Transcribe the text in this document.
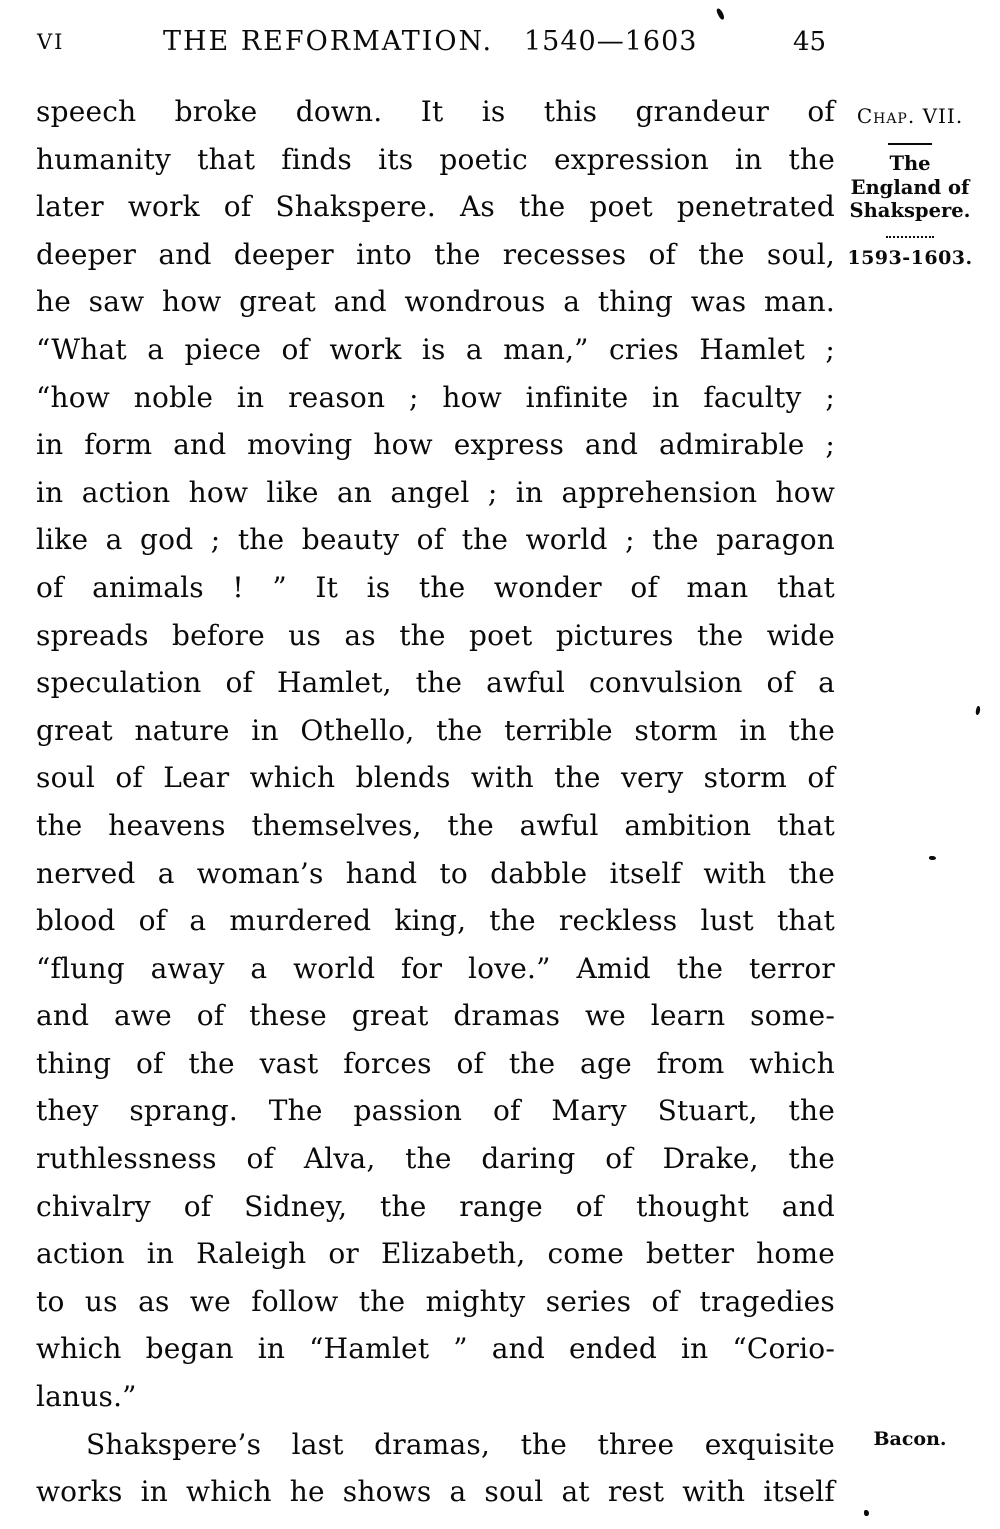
VI	THE REFORMATION. 1540—1603	45
speech broke down. It is this grandeur of
humanity that finds its poetic expression in the
later work of Shakspere. As the poet penetrated
deeper and deeper into the recesses of the soul,
he saw how great and wondrous a thing was man.
“What a piece of work is a man,” cries Hamlet ;
“how noble in reason ; how infinite in faculty ;
in form and moving how express and admirable ;
in action how like an angel ; in apprehension how
like a god ; the beauty of the world ; the paragon
of animals ! ” It is the wonder of man that
spreads before us as the poet pictures the wide
speculation of Hamlet, the awful convulsion of a
great nature in Othello, the terrible storm in the
soul of Lear which blends with the very storm of
the heavens themselves, the awful ambition that
nerved a woman’s hand to dabble itself with the
blood of a murdered king, the reckless lust that
“flung away a world for love.” Amid the terror
and awe of these great dramas we learn some-
thing of the vast forces of the age from which
they sprang. The passion of Mary Stuart, the
ruthlessness of Alva, the daring of Drake, the
chivalry of Sidney, the range of thought and
action in Raleigh or Elizabeth, come better home
to us as we follow the mighty series of tragedies
which began in “Hamlet ” and ended in “Corio-
lanus.”
Shakspere’s last dramas, the three exquisite
works in which he shows a soul at rest with itself
Chap. VII.
The
England of
Shakspere.
1593-1603.
Bacon.
